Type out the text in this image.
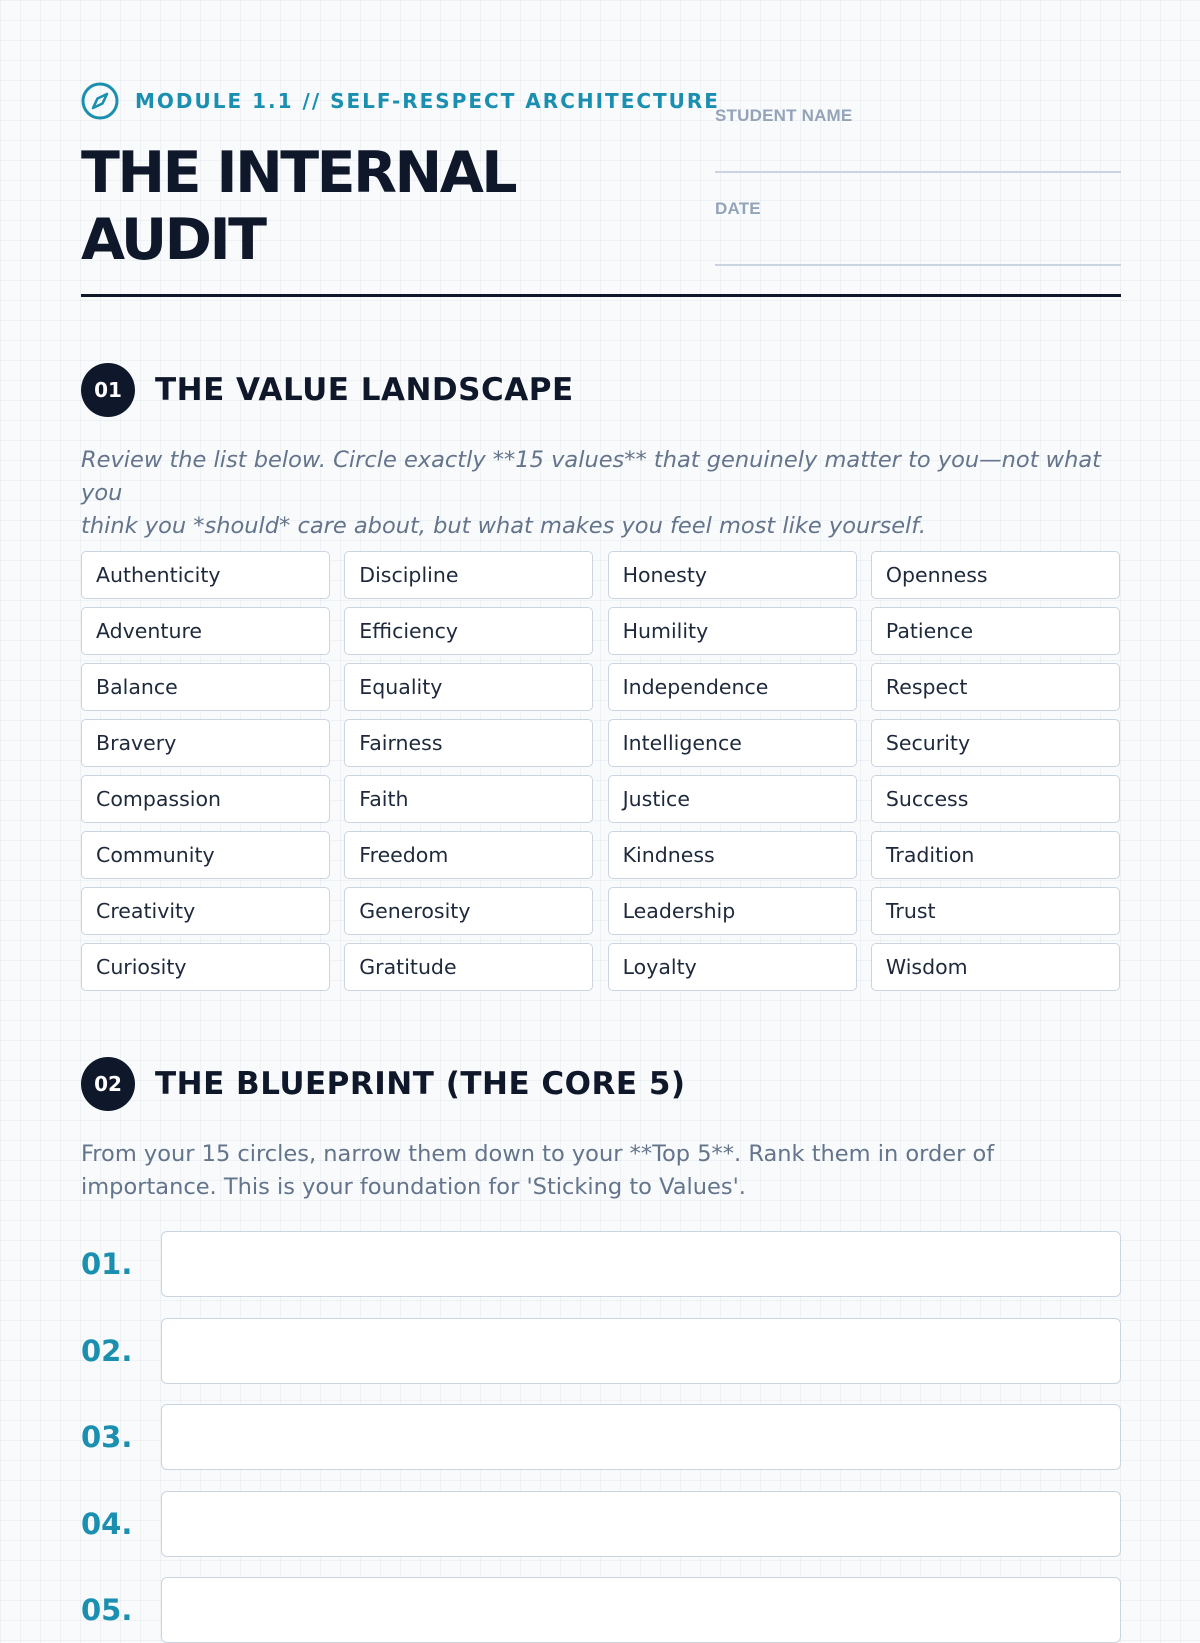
MODULE 1.1 // SELF-RESPECT ARCHITECTURE
THE INTERNAL
AUDIT
STUDENT NAME
DATE
01	THE VALUE LANDSCAPE
Review the list below. Circle exactly **15 values** that genuinely matter to you—not what you
think you *should* care about, but what makes you feel most like yourself.
Authenticity	Discipline	Honesty	Openness
Adventure	Efficiency	Humility	Patience
Balance	Equality	Independence	Respect
Bravery	Fairness	Intelligence	Security
Compassion	Faith	Justice	Success
Community	Freedom	Kindness	Tradition
Creativity	Generosity	Leadership	Trust
Curiosity	Gratitude	Loyalty	Wisdom
02	THE BLUEPRINT (THE CORE 5)
From your 15 circles, narrow them down to your **Top 5**. Rank them in order of
importance. This is your foundation for 'Sticking to Values'.
01.
02.
03.
04.
05.
